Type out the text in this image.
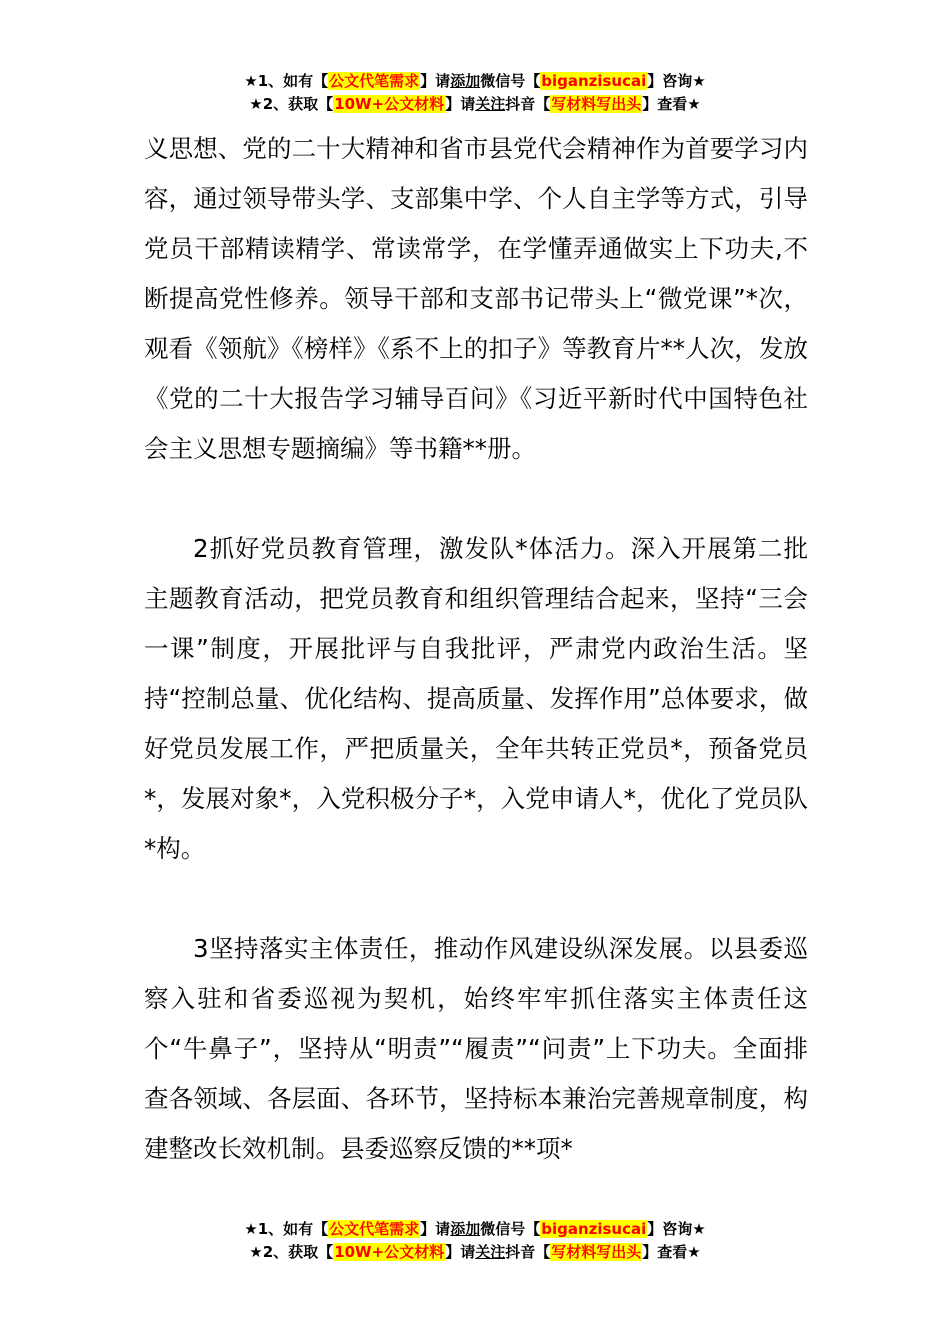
★1、如有【公文代笔需求】请添加微信号【biganzisucai】咨询★
★2、获取【10W+公文材料】请关注抖音【写材料写出头】查看★

义思想、党的二十大精神和省市县党代会精神作为首要学习内容，通过领导带头学、支部集中学、个人自主学等方式，引导党员干部精读精学、常读常学，在学懂弄通做实上下功夫,不断提高党性修养。领导干部和支部书记带头上“微党课”*次，观看《领航》《榜样》《系不上的扣子》等教育片**人次，发放《党的二十大报告学习辅导百问》《习近平新时代中国特色社会主义思想专题摘编》等书籍**册。

2抓好党员教育管理，激发队*体活力。深入开展第二批主题教育活动，把党员教育和组织管理结合起来，坚持“三会一课”制度，开展批评与自我批评，严肃党内政治生活。坚持“控制总量、优化结构、提高质量、发挥作用”总体要求，做好党员发展工作，严把质量关，全年共转正党员*，预备党员*，发展对象*，入党积极分子*，入党申请人*，优化了党员队*构。

3坚持落实主体责任，推动作风建设纵深发展。以县委巡察入驻和省委巡视为契机，始终牢牢抓住落实主体责任这个“牛鼻子”，坚持从“明责”“履责”“问责”上下功夫。全面排查各领域、各层面、各环节，坚持标本兼治完善规章制度，构建整改长效机制。县委巡察反馈的**项*

★1、如有【公文代笔需求】请添加微信号【biganzisucai】咨询★
★2、获取【10W+公文材料】请关注抖音【写材料写出头】查看★
